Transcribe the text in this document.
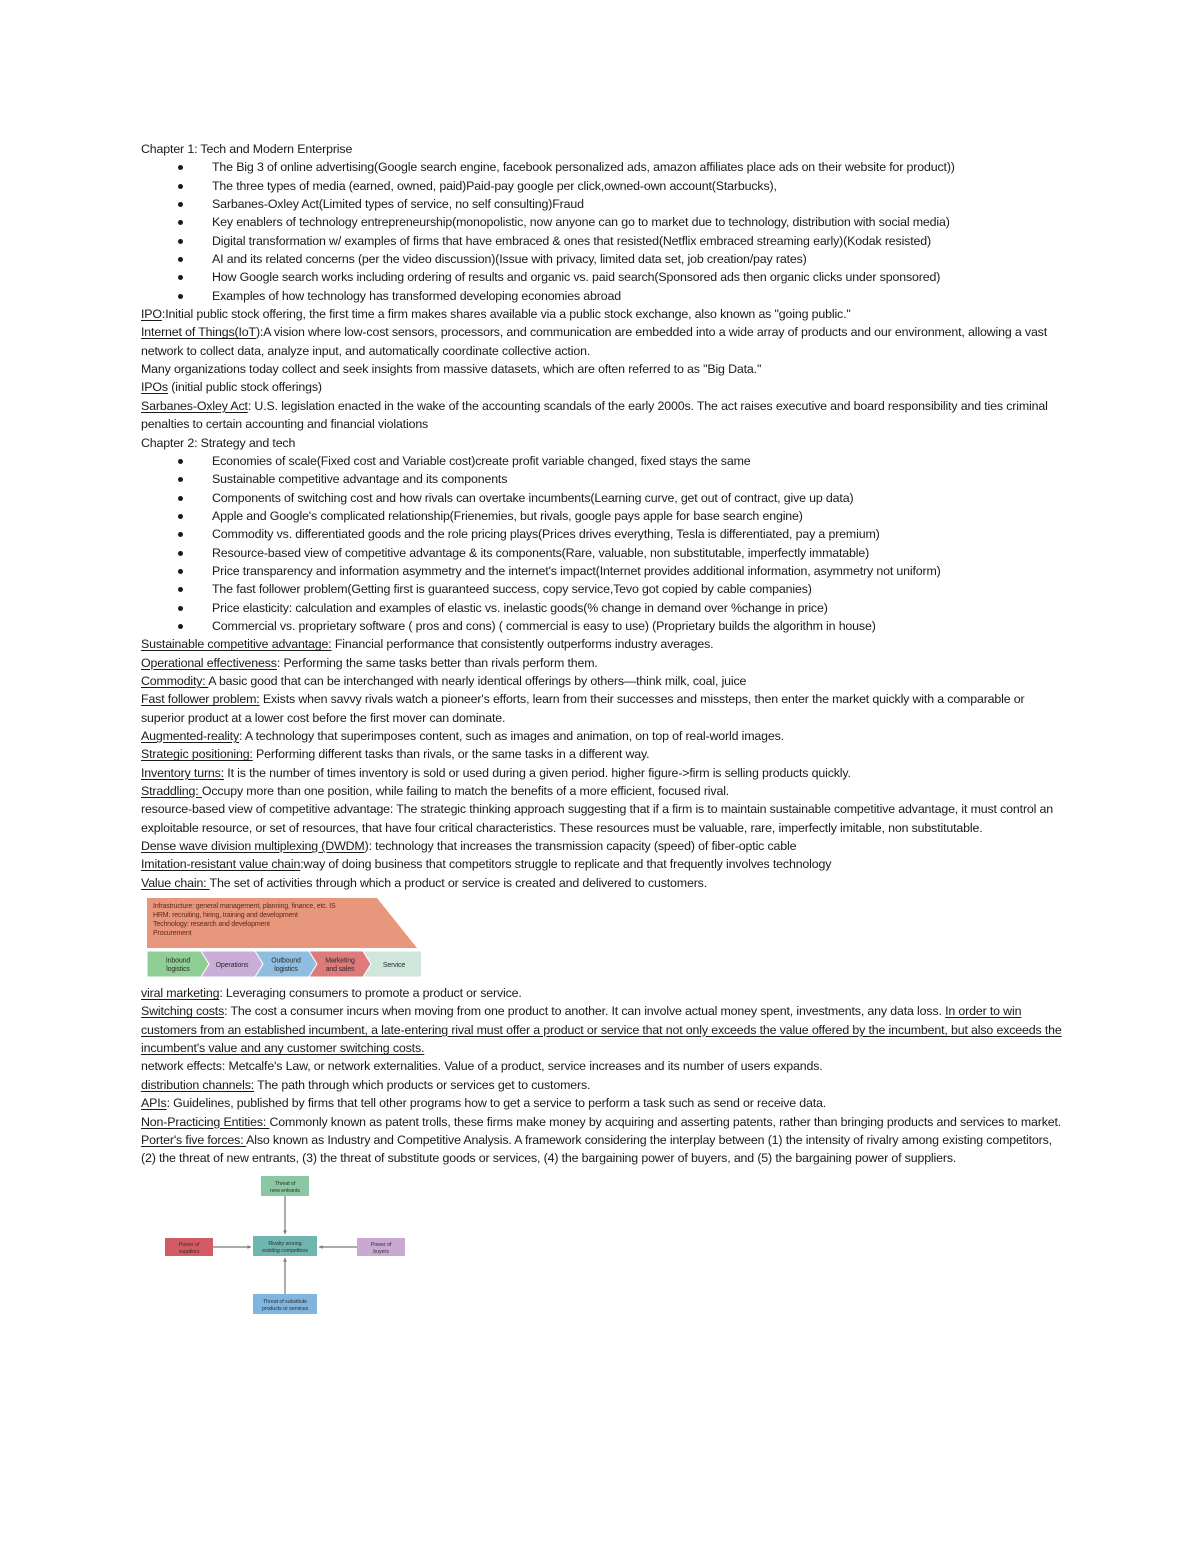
Chapter 1: Tech and Modern Enterprise
The Big 3 of online advertising(Google search engine, facebook personalized ads, amazon affiliates place ads on their website for product))
The three types of media (earned, owned, paid)Paid-pay google per click,owned-own account(Starbucks),
Sarbanes-Oxley Act(Limited types of service, no self consulting)Fraud
Key enablers of technology entrepreneurship(monopolistic, now anyone can go to market due to technology, distribution with social media)
Digital transformation w/ examples of firms that have embraced & ones that resisted(Netflix embraced streaming early)(Kodak resisted)
AI and its related concerns (per the video discussion)(Issue with privacy, limited data set, job creation/pay rates)
How Google search works including ordering of results and organic vs. paid search(Sponsored ads then organic clicks under sponsored)
Examples of how technology has transformed developing economies abroad
IPO:Initial public stock offering, the first time a firm makes shares available via a public stock exchange, also known as "going public."
Internet of Things(IoT):A vision where low-cost sensors, processors, and communication are embedded into a wide array of products and our environment, allowing a vast network to collect data, analyze input, and automatically coordinate collective action.
Many organizations today collect and seek insights from massive datasets, which are often referred to as "Big Data."
IPOs (initial public stock offerings)
Sarbanes-Oxley Act: U.S. legislation enacted in the wake of the accounting scandals of the early 2000s. The act raises executive and board responsibility and ties criminal penalties to certain accounting and financial violations
Chapter 2: Strategy and tech
Economies of scale(Fixed cost and Variable cost)create profit variable changed, fixed stays the same
Sustainable competitive advantage and its components
Components of switching cost and how rivals can overtake incumbents(Learning curve, get out of contract, give up data)
Apple and Google's complicated relationship(Frienemies, but rivals, google pays apple for base search engine)
Commodity vs. differentiated goods and the role pricing plays(Prices drives everything, Tesla is differentiated, pay a premium)
Resource-based view of competitive advantage & its components(Rare, valuable, non substitutable, imperfectly immatable)
Price transparency and information asymmetry and the internet's impact(Internet provides additional information, asymmetry not uniform)
The fast follower problem(Getting first is guaranteed success, copy service,Tevo got copied by cable companies)
Price elasticity: calculation and examples of elastic vs. inelastic goods(% change in demand over %change in price)
Commercial vs. proprietary software ( pros and cons) ( commercial is easy to use) (Proprietary builds the algorithm in house)
Sustainable competitive advantage: Financial performance that consistently outperforms industry averages.
Operational effectiveness: Performing the same tasks better than rivals perform them.
Commodity: A basic good that can be interchanged with nearly identical offerings by others—think milk, coal, juice
Fast follower problem: Exists when savvy rivals watch a pioneer's efforts, learn from their successes and missteps, then enter the market quickly with a comparable or superior product at a lower cost before the first mover can dominate.
Augmented-reality: A technology that superimposes content, such as images and animation, on top of real-world images.
Strategic positioning: Performing different tasks than rivals, or the same tasks in a different way.
Inventory turns: It is the number of times inventory is sold or used during a given period. higher figure->firm is selling products quickly.
Straddling: Occupy more than one position, while failing to match the benefits of a more efficient, focused rival.
resource-based view of competitive advantage: The strategic thinking approach suggesting that if a firm is to maintain sustainable competitive advantage, it must control an exploitable resource, or set of resources, that have four critical characteristics. These resources must be valuable, rare, imperfectly imitable, non substitutable.
Dense wave division multiplexing (DWDM): technology that increases the transmission capacity (speed) of fiber-optic cable
Imitation-resistant value chain:way of doing business that competitors struggle to replicate and that frequently involves technology
Value chain: The set of activities through which a product or service is created and delivered to customers.
Infrastructure: general management, planning, finance, etc. IS
HRM: recruiting, hiring, training and development
Technology: research and development
Procurement
Inbound
logistics
Operations
Outbound
logistics
Marketing
and sales
Service
viral marketing: Leveraging consumers to promote a product or service.
Switching costs: The cost a consumer incurs when moving from one product to another. It can involve actual money spent, investments, any data loss. In order to win customers from an established incumbent, a late-entering rival must offer a product or service that not only exceeds the value offered by the incumbent, but also exceeds the incumbent's value and any customer switching costs.
network effects: Metcalfe's Law, or network externalities. Value of a product, service increases and its number of users expands.
distribution channels: The path through which products or services get to customers.
APIs: Guidelines, published by firms that tell other programs how to get a service to perform a task such as send or receive data.
Non-Practicing Entities: Commonly known as patent trolls, these firms make money by acquiring and asserting patents, rather than bringing products and services to market.
Porter's five forces: Also known as Industry and Competitive Analysis. A framework considering the interplay between (1) the intensity of rivalry among existing competitors, (2) the threat of new entrants, (3) the threat of substitute goods or services, (4) the bargaining power of buyers, and (5) the bargaining power of suppliers.
Threat of
new entrants
Rivalry among
existing competitors
Power of
suppliers
Power of
buyers
Threat of substitute
products or services
